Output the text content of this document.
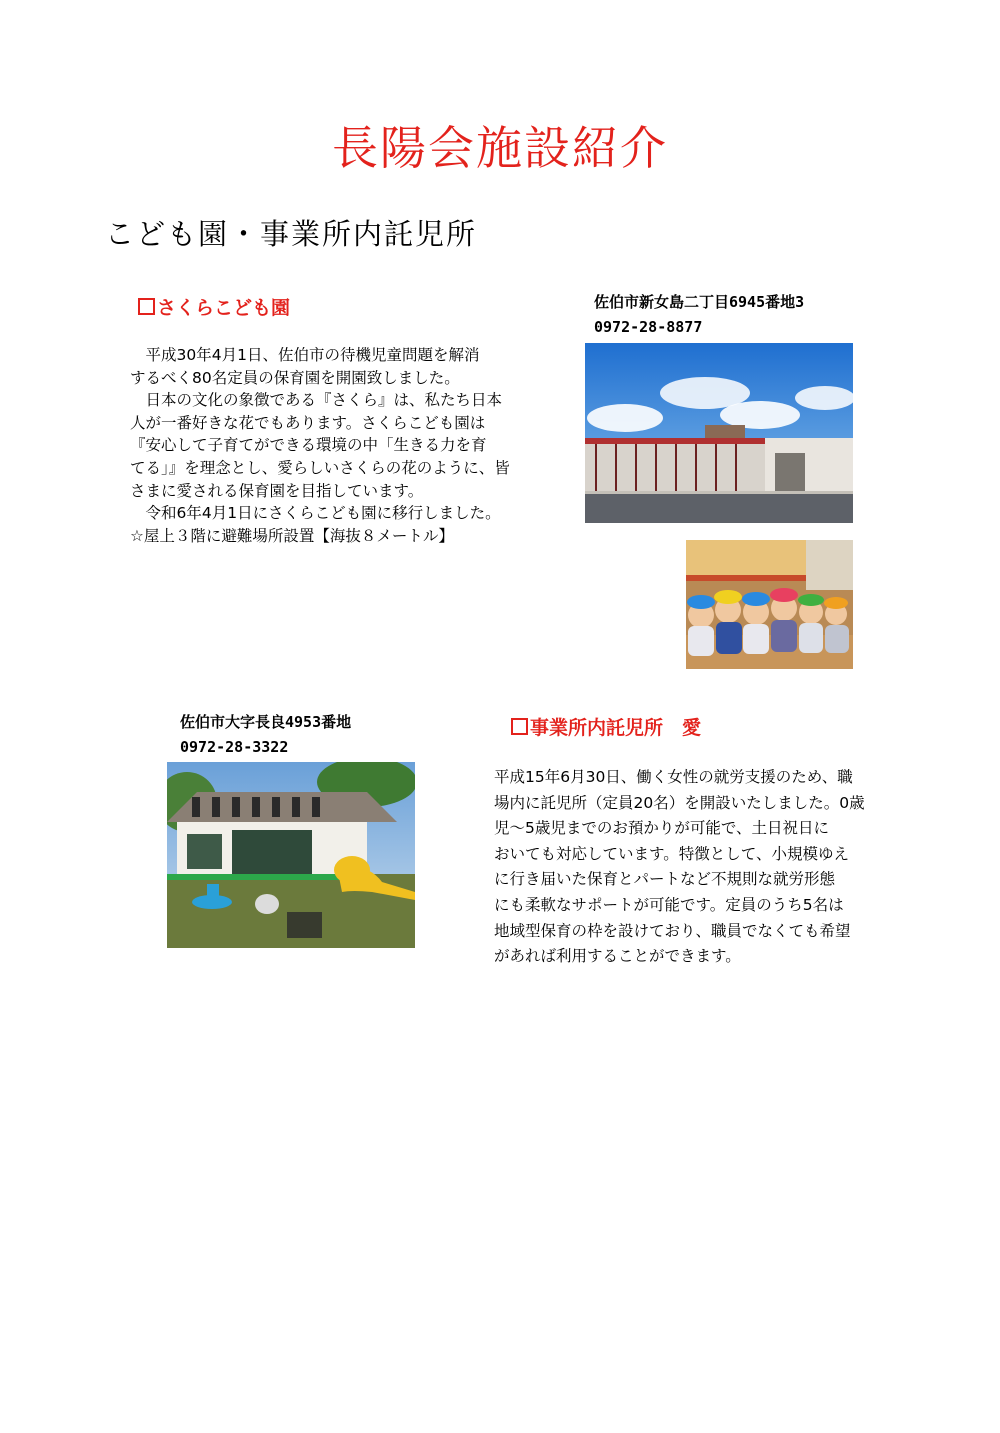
長陽会施設紹介
こども園・事業所内託児所
さくらこども園	佐伯市新女島二丁目6945番地3
0972-28-8877

　平成30年4月1日、佐伯市の待機児童問題を解消

するべく80名定員の保育園を開園致しました。

　日本の文化の象徴である『さくら』は、私たち日本

人が一番好きな花でもあります。さくらこども園は

『安心して子育てができる環境の中「生きる力を育

てる」』を理念とし、愛らしいさくらの花のように、皆

さまに愛される保育園を目指しています。

　令和6年4月1日にさくらこども園に移行しました。

☆屋上３階に避難場所設置【海抜８メートル】

佐伯市大字長良4953番地
0972-28-3322
事業所内託児所　愛

平成15年6月30日、働く女性の就労支援のため、職

場内に託児所（定員20名）を開設いたしました。0歳

児～5歳児までのお預かりが可能で、土日祝日に

おいても対応しています。特徴として、小規模ゆえ

に行き届いた保育とパートなど不規則な就労形態

にも柔軟なサポートが可能です。定員のうち5名は

地域型保育の枠を設けており、職員でなくても希望

があれば利用することができます。
